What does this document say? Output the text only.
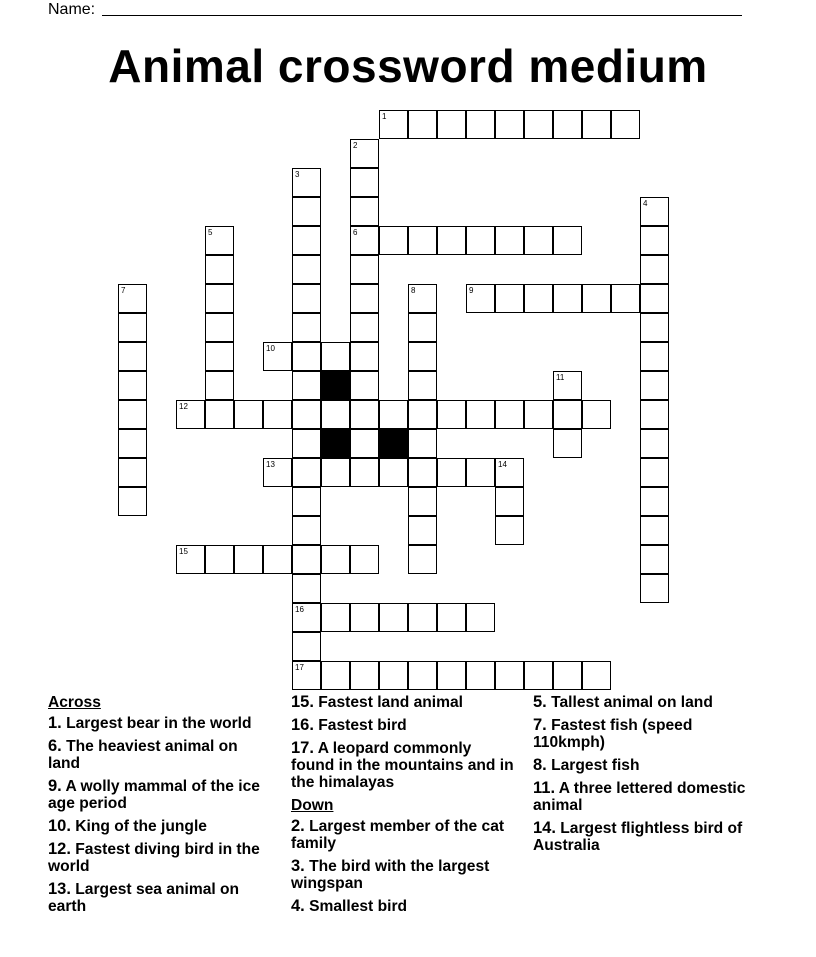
Name:
Animal crossword medium
1
2
6
3
16
4
5
7	8	9
10
11
12
13	14
15
17
Across
1. Largest bear in the world
6. The heaviest animal on land
9. A wolly mammal of the ice age period
10. King of the jungle
12. Fastest diving bird in the world
13. Largest sea animal on earth
15. Fastest land animal
16. Fastest bird
17. A leopard commonly found in the mountains and in the himalayas
Down
2. Largest member of the cat family
3. The bird with the largest wingspan
4. Smallest bird
5. Tallest animal on land
7. Fastest fish (speed 110kmph)
8. Largest fish
11. A three lettered domestic animal
14. Largest flightless bird of Australia
